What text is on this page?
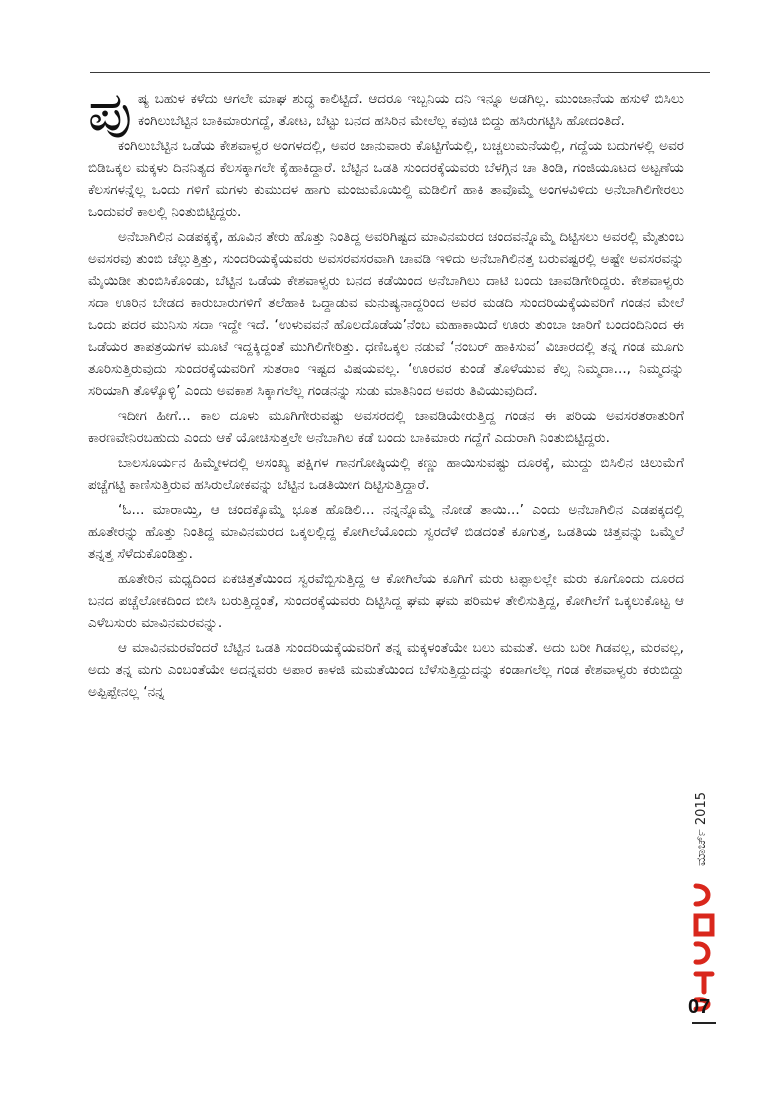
ಪುಷ್ಯ ಬಹುಳ ಕಳೆದು ಆಗಲೇ ಮಾಘ ಶುದ್ಧ ಕಾಲಿಟ್ಟಿದೆ. ಆದರೂ ಇಬ್ಬನಿಯ ದನಿ ಇನ್ನೂ ಅಡಗಿಲ್ಲ. ಮುಂಜಾನೆಯ ಹಸುಳೆ ಬಿಸಿಲು ಕಂಗಿಲುಬೆಟ್ಟಿನ ಬಾಕಿಮಾರುಗದ್ದೆ, ತೋಟ, ಬೆಟ್ಟು ಬನದ ಹಸಿರಿನ ಮೇಲೆಲ್ಲ ಕವುಚಿ ಬಿದ್ದು ಹಸಿರುಗಟ್ಟಿಸಿ ಹೋದಂತಿದೆ.

ಕಂಗಿಲುಬೆಟ್ಟಿನ ಒಡೆಯ ಕೇಶವಾಳ್ವರ ಅಂಗಳದಲ್ಲಿ, ಅವರ ಜಾನುವಾರು ಕೊಟ್ಟಿಗೆಯಲ್ಲಿ, ಬಚ್ಚಲುಮನೆಯಲ್ಲಿ, ಗದ್ದೆಯ ಬದುಗಳಲ್ಲಿ ಅವರ ಬಿಡಿಒಕ್ಕಲ ಮಕ್ಕಳು ದಿನನಿತ್ಯದ ಕೆಲಸಕ್ಕಾಗಲೇ ಕೈಹಾಕಿದ್ದಾರೆ. ಬೆಟ್ಟಿನ ಒಡತಿ ಸುಂದರಕ್ಕೆಯವರು ಬೆಳಗ್ಗಿನ ಚಾ ತಿಂಡಿ, ಗಂಜಿಯೂಟದ ಅಟ್ಟಣೆಯ ಕೆಲಸಗಳನ್ನೆಲ್ಲ ಒಂದು ಗಳಿಗೆ ಮಗಳು ಕುಮುದಳ ಹಾಗು ಮಂಜುಮೊಯಿಲ್ದಿ ಮಡಿಲಿಗೆ ಹಾಕಿ ತಾವೊಮ್ಮೆ ಅಂಗಳವಿಳಿದು ಅನೆಬಾಗಿಲಿಗೇರಲು ಒಂದುವರೆ ಕಾಲಲ್ಲಿ ನಿಂತುಬಿಟ್ಟಿದ್ದರು.

ಅನೆಬಾಗಿಲಿನ ಎಡಪಕ್ಕಕ್ಕೆ, ಹೂವಿನ ತೇರು ಹೊತ್ತು ನಿಂತಿದ್ದ ಅವರಿಗಿಷ್ಟದ ಮಾವಿನಮರದ ಚಂದವನ್ನೊಮ್ಮೆ ದಿಟ್ಟಿಸಲು ಅವರಲ್ಲಿ ಮೈತುಂಬ ಅವಸರವು ತುಂಬಿ ಚೆಲ್ಲುತ್ತಿತ್ತು, ಸುಂದರಿಯಕ್ಕೆಯವರು ಅವಸರವಸರವಾಗಿ ಚಾವಡಿ ಇಳಿದು ಅನೆಬಾಗಿಲಿನತ್ತ ಬರುವಷ್ಟರಲ್ಲಿ ಅಷ್ಟೇ ಅವಸರವನ್ನು ಮೈಯಿಡೀ ತುಂಬಿಸಿಕೊಂಡು, ಬೆಟ್ಟಿನ ಒಡೆಯ ಕೇಶವಾಳ್ವರು ಬನದ ಕಡೆಯಿಂದ ಅನೆಬಾಗಿಲು ದಾಟಿ ಬಂದು ಚಾವಡಿಗೇರಿದ್ದರು. ಕೇಶವಾಳ್ವರು ಸದಾ ಊರಿನ ಬೇಡದ ಕಾರುಬಾರುಗಳಿಗೆ ತಲೆಹಾಕಿ ಒದ್ದಾಡುವ ಮನುಷ್ಯನಾದ್ದರಿಂದ ಅವರ ಮಡದಿ ಸುಂದರಿಯಕ್ಕೆಯವರಿಗೆ ಗಂಡನ ಮೇಲೆ ಒಂದು ಪದರ ಮುನಿಸು ಸದಾ ಇದ್ದೇ ಇದೆ. ‘ಉಳುವವನೆ ಹೊಲದೊಡೆಯ’ನೆಂಬ ಮಹಾಕಾಯಿದೆ ಊರು ತುಂಬಾ ಜಾರಿಗೆ ಬಂದಂದಿನಿಂದ ಈ ಒಡೆಯರ ತಾಪತ್ರಯಗಳ ಮೂಟೆ ಇದ್ದಕ್ಕಿದ್ದಂತೆ ಮುಗಿಲಿಗೇರಿತ್ತು. ಧಣಿಒಕ್ಕಲ ನಡುವೆ ‘ನಂಬರ್ ಹಾಕಿಸುವ’ ವಿಚಾರದಲ್ಲಿ ತನ್ನ ಗಂಡ ಮೂಗು ತೂರಿಸುತ್ತಿರುವುದು ಸುಂದರಕ್ಕೆಯವರಿಗೆ ಸುತರಾಂ ಇಷ್ಟದ ವಿಷಯವಲ್ಲ. ‘ಊರವರ ಕುಂಡೆ ತೊಳೆಯುವ ಕೆಲ್ಸ ನಿಮ್ಮದಾ..., ನಿಮ್ಮದನ್ನು ಸರಿಯಾಗಿ ತೊಳ್ಕೊಳ್ಳಿ’ ಎಂದು ಅವಕಾಶ ಸಿಕ್ಕಾಗಲೆಲ್ಲ ಗಂಡನನ್ನು ಸುಡು ಮಾತಿನಿಂದ ಅವರು ತಿವಿಯುವುದಿದೆ.

ಇದೀಗ ಹೀಗೆ... ಕಾಲ ದೂಳು ಮೂಗಿಗೇರುವಷ್ಟು ಅವಸರದಲ್ಲಿ ಚಾವಡಿಯೇರುತ್ತಿದ್ದ ಗಂಡನ ಈ ಪರಿಯ ಅವಸರತರಾತುರಿಗೆ ಕಾರಣವೇನಿರಬಹುದು ಎಂದು ಆಕೆ ಯೋಚಿಸುತ್ತಲೇ ಅನೆಬಾಗಿಲ ಕಡೆ ಬಂದು ಬಾಕಿಮಾರು ಗದ್ದೆಗೆ ಎದುರಾಗಿ ನಿಂತುಬಿಟ್ಟಿದ್ದರು.

ಬಾಲಸೂರ್ಯನ ಹಿಮ್ಮೇಳದಲ್ಲಿ ಅಸಂಖ್ಯ ಪಕ್ಷಿಗಳ ಗಾನಗೋಷ್ಠಿಯಲ್ಲಿ ಕಣ್ಣು ಹಾಯಿಸುವಷ್ಟು ದೂರಕ್ಕೆ, ಮುದ್ದು ಬಿಸಿಲಿನ ಚಿಲುಮೆಗೆ ಪಚ್ಚೆಗಟ್ಟಿ ಕಾಣಿಸುತ್ತಿರುವ ಹಸಿರುಲೋಕವನ್ನು ಬೆಟ್ಟಿನ ಒಡತಿಯೀಗ ದಿಟ್ಟಿಸುತ್ತಿದ್ದಾರೆ.

‘ಓ... ಮಾರಾಯ್ತಿ, ಆ ಚಂದಕ್ಕೊಮ್ಮೆ ಭೂತ ಹೊಡಿಲಿ... ನನ್ನನ್ನೊಮ್ಮೆ ನೋಡೆ ತಾಯಿ...’ ಎಂದು ಅನೆಬಾಗಿಲಿನ ಎಡಪಕ್ಕದಲ್ಲಿ ಹೂತೇರನ್ನು ಹೊತ್ತು ನಿಂತಿದ್ದ ಮಾವಿನಮರದ ಒಕ್ಕಲಲ್ಲಿದ್ದ ಕೋಗಿಲೆಯೊಂದು ಸ್ವರದೆಳೆ ಬಿಡದಂತೆ ಕೂಗುತ್ತ, ಒಡತಿಯ ಚಿತ್ತವನ್ನು ಒಮ್ಮೆಲೆ ತನ್ನತ್ತ ಸೆಳೆದುಕೊಂಡಿತ್ತು.

ಹೂತೇರಿನ ಮಧ್ಯದಿಂದ ಏಕಚಿತ್ತತೆಯಿಂದ ಸ್ವರವೆಬ್ಬಿಸುತ್ತಿದ್ದ ಆ ಕೋಗಿಲೆಯ ಕೂಗಿಗೆ ಮರು ಟಪ್ಪಾಲಲ್ಲೇ ಮರು ಕೂಗೊಂದು ದೂರದ ಬನದ ಪಚ್ಚೆಲೋಕದಿಂದ ಬೀಸಿ ಬರುತ್ತಿದ್ದಂತೆ, ಸುಂದರಕ್ಕೆಯವರು ದಿಟ್ಟಿಸಿದ್ದ ಘಮ ಘಮ ಪರಿಮಳ ತೇಲಿಸುತ್ತಿದ್ದ, ಕೋಗಿಲೆಗೆ ಒಕ್ಕಲುಕೊಟ್ಟ ಆ ಎಳೆಬಸುರು ಮಾವಿನಮರವನ್ನು.

ಆ ಮಾವಿನಮರವೆಂದರೆ ಬೆಟ್ಟಿನ ಒಡತಿ ಸುಂದರಿಯಕ್ಕೆಯವರಿಗೆ ತನ್ನ ಮಕ್ಕಳಂತೆಯೇ ಬಲು ಮಮತೆ. ಅದು ಬರೀ ಗಿಡವಲ್ಲ, ಮರವಲ್ಲ, ಅದು ತನ್ನ ಮಗು ಎಂಬಂತೆಯೇ ಅದನ್ನವರು ಅಪಾರ ಕಾಳಜಿ ಮಮತೆಯಿಂದ ಬೆಳೆಸುತ್ತಿದ್ದುದನ್ನು ಕಂಡಾಗಲೆಲ್ಲ ಗಂಡ ಕೇಶವಾಳ್ವರು ಕರುಬಿದ್ದು ಅಪ್ಪಿಪ್ಪೇನಲ್ಲ ‘ನನ್ನ

ಮಾರ್ಚ್ 2015
07
